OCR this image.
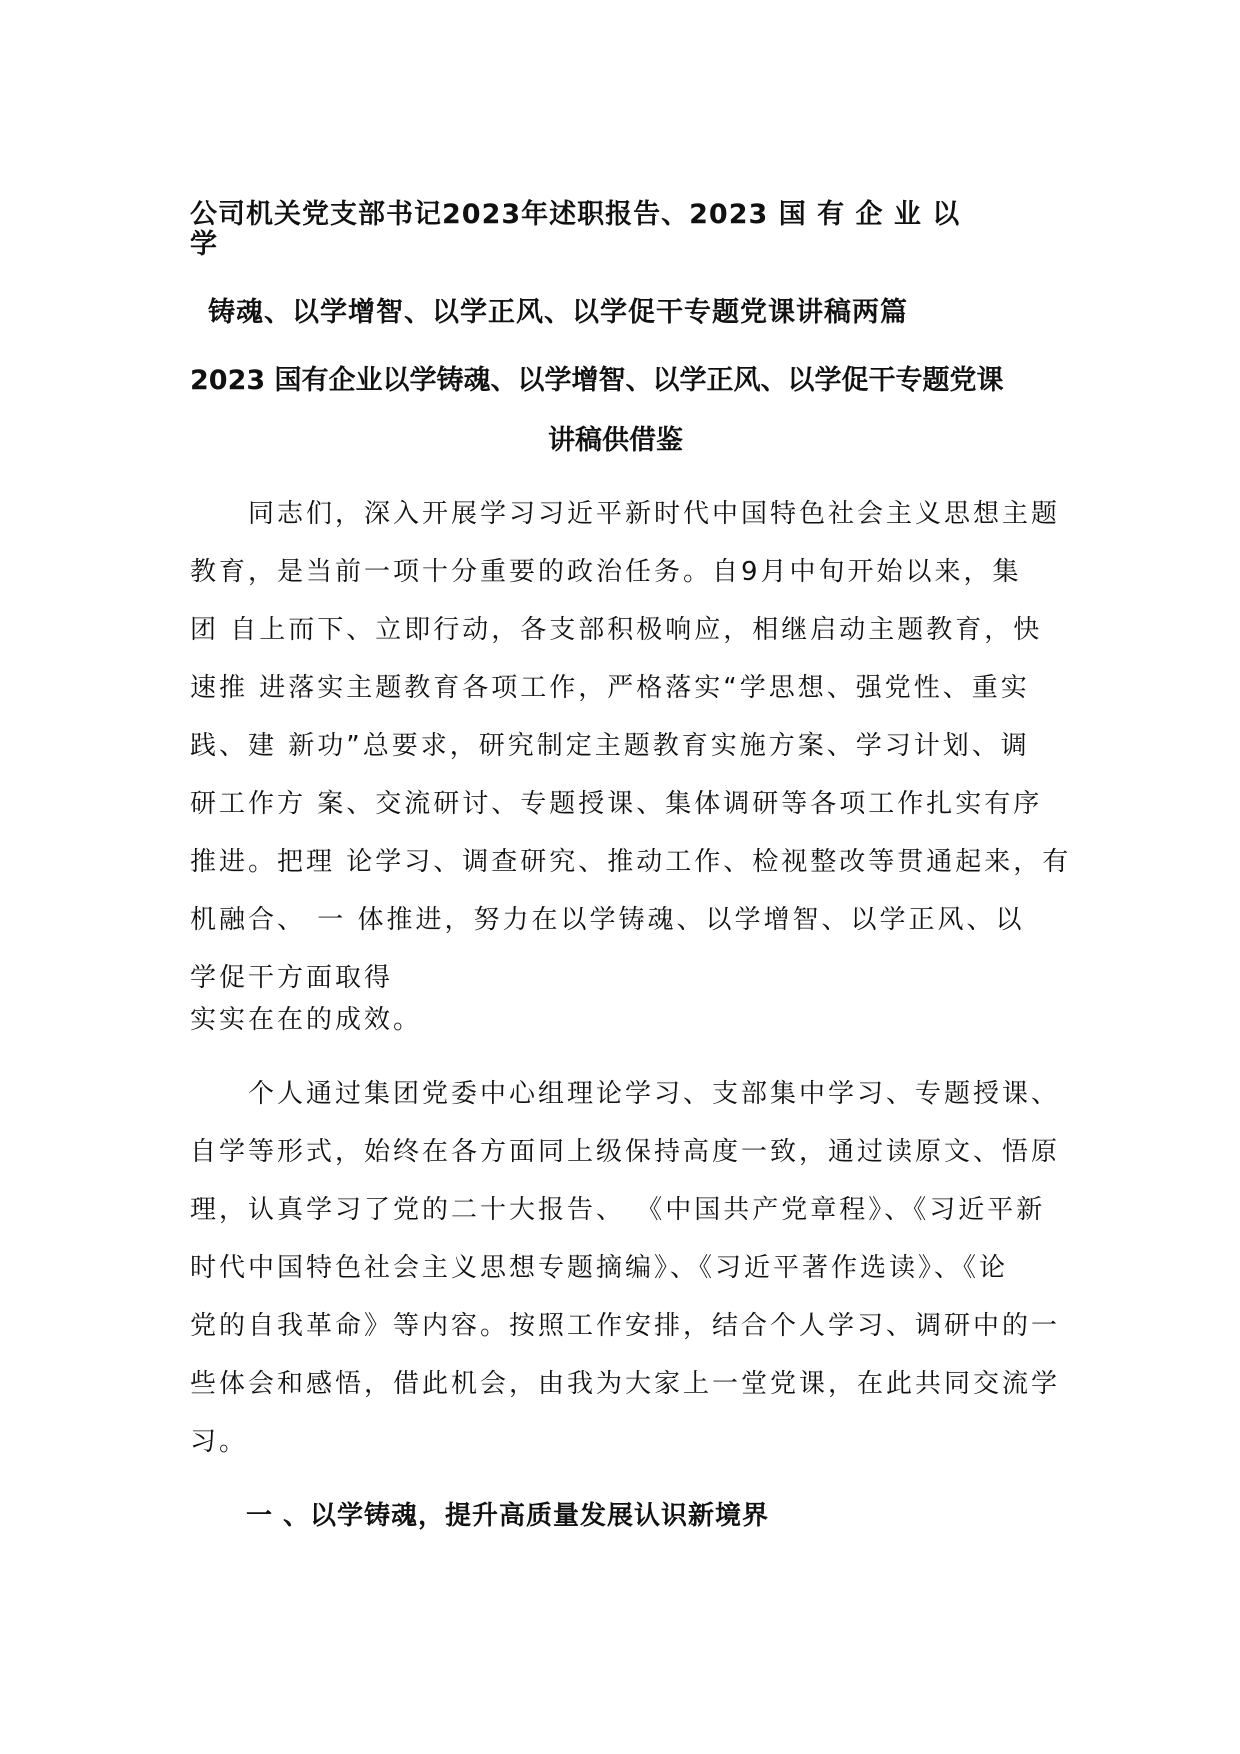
公司机关党支部书记2023年述职报告、2023 国 有 企 业 以
学
铸魂、以学增智、以学正风、以学促干专题党课讲稿两篇
2023 国有企业以学铸魂、以学增智、以学正风、以学促干专题党课
讲稿供借鉴
同志们，深入开展学习习近平新时代中国特色社会主义思想主题
教育，是当前一项十分重要的政治任务。自9月中旬开始以来，集
团 自上而下、立即行动，各支部积极响应，相继启动主题教育，快
速推 进落实主题教育各项工作，严格落实“学思想、强党性、重实
践、建 新功”总要求，研究制定主题教育实施方案、学习计划、调
研工作方 案、交流研讨、专题授课、集体调研等各项工作扎实有序
推进。把理 论学习、调查研究、推动工作、检视整改等贯通起来，有
机融合、 一 体推进，努力在以学铸魂、以学增智、以学正风、以
学促干方面取得
实实在在的成效。
个人通过集团党委中心组理论学习、支部集中学习、专题授课、
自学等形式，始终在各方面同上级保持高度一致，通过读原文、悟原
理，认真学习了党的二十大报告、 《中国共产党章程》、《习近平新
时代中国特色社会主义思想专题摘编》、《习近平著作选读》、《论
党的自我革命》等内容。按照工作安排，结合个人学习、调研中的一
些体会和感悟，借此机会，由我为大家上一堂党课，在此共同交流学
习。
一 、以学铸魂，提升高质量发展认识新境界
